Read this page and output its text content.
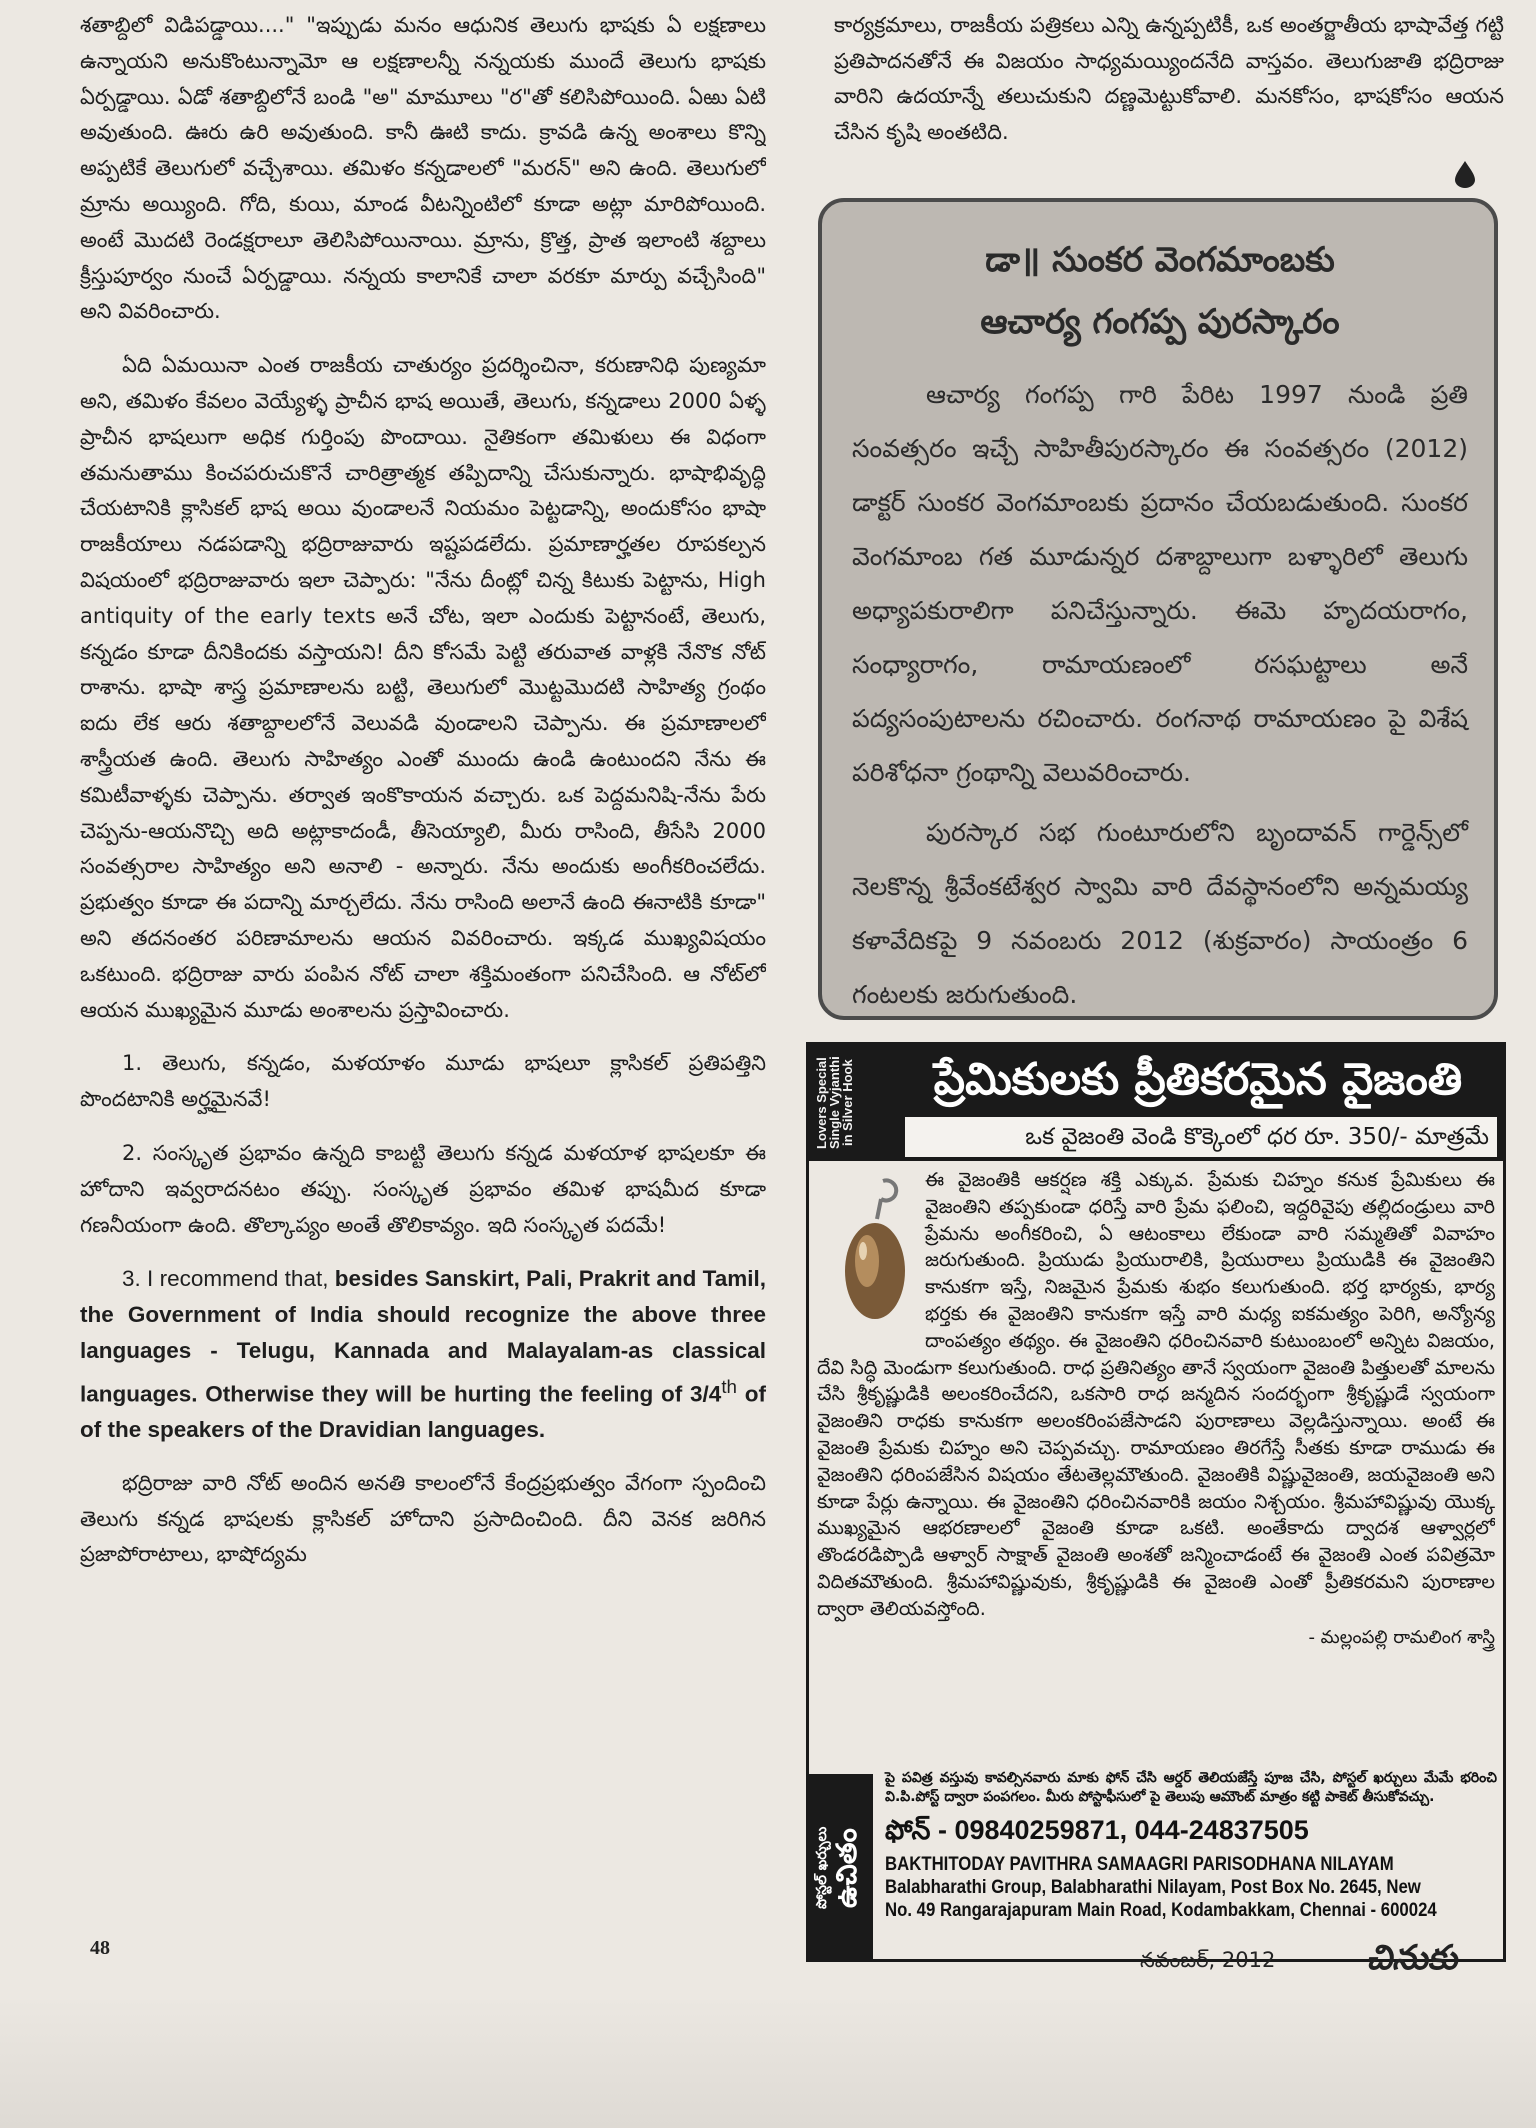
శతాబ్దిలో విడిపడ్డాయి...." "ఇప్పుడు మనం ఆధునిక తెలుగు భాషకు ఏ లక్షణాలు ఉన్నాయని అనుకొంటున్నామో ఆ లక్షణాలన్నీ నన్నయకు ముందే తెలుగు భాషకు ఏర్పడ్డాయి. ఏడో శతాబ్దిలోనే బండి "అ" మామూలు "ర"తో కలిసిపోయింది. ఏఱు ఏటి అవుతుంది. ఊరు ఉరి అవుతుంది. కానీ ఊటి కాదు. క్రావడి ఉన్న అంశాలు కొన్ని అప్పటికే తెలుగులో వచ్చేశాయి. తమిళం కన్నడాలలో "మరన్" అని ఉంది. తెలుగులో మ్రాను అయ్యింది. గోది, కుయి, మాండ వీటన్నింటిలో కూడా అట్లా మారిపోయింది. అంటే మొదటి రెండక్షరాలూ తెలిసిపోయినాయి. మ్రాను, క్రొత్త, ప్రాత ఇలాంటి శబ్దాలు క్రీస్తుపూర్వం నుంచే ఏర్పడ్డాయి. నన్నయ కాలానికే చాలా వరకూ మార్పు వచ్చేసింది" అని వివరించారు.

ఏది ఏమయినా ఎంత రాజకీయ చాతుర్యం ప్రదర్శించినా, కరుణానిధి పుణ్యమా అని, తమిళం కేవలం వెయ్యేళ్ళ ప్రాచీన భాష అయితే, తెలుగు, కన్నడాలు 2000 ఏళ్ళ ప్రాచీన భాషలుగా అధిక గుర్తింపు పొందాయి. నైతికంగా తమిళులు ఈ విధంగా తమనుతాము కించపరుచుకొనే చారిత్రాత్మక తప్పిదాన్ని చేసుకున్నారు. భాషాభివృద్ధి చేయటానికి క్లాసికల్ భాష అయి వుండాలనే నియమం పెట్టడాన్ని, అందుకోసం భాషా రాజకీయాలు నడపడాన్ని భద్రిరాజువారు ఇష్టపడలేదు. ప్రమాణార్హతల రూపకల్పన విషయంలో భద్రిరాజువారు ఇలా చెప్పారు: "నేను దీంట్లో చిన్న కిటుకు పెట్టాను, High antiquity of the early texts అనే చోట, ఇలా ఎందుకు పెట్టానంటే, తెలుగు, కన్నడం కూడా దీనికిందకు వస్తాయని! దీని కోసమే పెట్టి తరువాత వాళ్లకి నేనొక నోట్ రాశాను. భాషా శాస్త్ర ప్రమాణాలను బట్టి, తెలుగులో మొట్టమొదటి సాహిత్య గ్రంథం ఐదు లేక ఆరు శతాబ్దాలలోనే వెలువడి వుండాలని చెప్పాను. ఈ ప్రమాణాలలో శాస్త్రీయత ఉంది. తెలుగు సాహిత్యం ఎంతో ముందు ఉండి ఉంటుందని నేను ఈ కమిటీవాళ్ళకు చెప్పాను. తర్వాత ఇంకొకాయన వచ్చారు. ఒక పెద్దమనిషి-నేను పేరు చెప్పను-ఆయనొచ్చి అది అట్లాకాదండీ, తీసెయ్యాలి, మీరు రాసింది, తీసేసి 2000 సంవత్సరాల సాహిత్యం అని అనాలి - అన్నారు. నేను అందుకు అంగీకరించలేదు. ప్రభుత్వం కూడా ఈ పదాన్ని మార్చలేదు. నేను రాసింది అలానే ఉంది ఈనాటికి కూడా" అని తదనంతర పరిణామాలను ఆయన వివరించారు. ఇక్కడ ముఖ్యవిషయం ఒకటుంది. భద్రిరాజు వారు పంపిన నోట్ చాలా శక్తిమంతంగా పనిచేసింది. ఆ నోట్‌లో ఆయన ముఖ్యమైన మూడు అంశాలను ప్రస్తావించారు.

1. తెలుగు, కన్నడం, మళయాళం మూడు భాషలూ క్లాసికల్ ప్రతిపత్తిని పొందటానికి అర్హమైనవే!

2. సంస్కృత ప్రభావం ఉన్నది కాబట్టి తెలుగు కన్నడ మళయాళ భాషలకూ ఈ హోదాని ఇవ్వరాదనటం తప్పు. సంస్కృత ప్రభావం తమిళ భాషమీద కూడా గణనీయంగా ఉంది. తొల్కాప్యం అంతే తొలికావ్యం. ఇది సంస్కృత పదమే!

3. I recommend that, besides Sanskirt, Pali, Prakrit and Tamil, the Government of India should recognize the above three languages - Telugu, Kannada and Malayalam-as classical languages. Otherwise they will be hurting the feeling of 3/4th of of the speakers of the Dravidian languages.

భద్రిరాజు వారి నోట్ అందిన అనతి కాలంలోనే కేంద్రప్రభుత్వం వేగంగా స్పందించి తెలుగు కన్నడ భాషలకు క్లాసికల్ హోదాని ప్రసాదించింది. దీని వెనక జరిగిన ప్రజాపోరాటాలు, భాషోద్యమ

కార్యక్రమాలు, రాజకీయ పత్రికలు ఎన్ని ఉన్నప్పటికీ, ఒక అంతర్జాతీయ భాషావేత్త గట్టి ప్రతిపాదనతోనే ఈ విజయం సాధ్యమయ్యిందనేది వాస్తవం. తెలుగుజాతి భద్రిరాజు వారిని ఉదయాన్నే తలుచుకుని దణ్ణమెట్టుకోవాలి. మనకోసం, భాషకోసం ఆయన చేసిన కృషి అంతటిది.

డా॥ సుంకర వెంగమాంబకు
ఆచార్య గంగప్ప పురస్కారం

ఆచార్య గంగప్ప గారి పేరిట 1997 నుండి ప్రతి సంవత్సరం ఇచ్చే సాహితీపురస్కారం ఈ సంవత్సరం (2012) డాక్టర్ సుంకర వెంగమాంబకు ప్రదానం చేయబడుతుంది. సుంకర వెంగమాంబ గత మూడున్నర దశాబ్దాలుగా బళ్ళారిలో తెలుగు అధ్యాపకురాలిగా పనిచేస్తున్నారు. ఈమె హృదయరాగం, సంధ్యారాగం, రామాయణంలో రసఘట్టాలు అనే పద్యసంపుటాలను రచించారు. రంగనాథ రామాయణం పై విశేష పరిశోధనా గ్రంథాన్ని వెలువరించారు.

పురస్కార సభ గుంటూరులోని బృందావన్ గార్డెన్స్‌లో నెలకొన్న శ్రీవేంకటేశ్వర స్వామి వారి దేవస్థానంలోని అన్నమయ్య కళావేదికపై 9 నవంబరు 2012 (శుక్రవారం) సాయంత్రం 6 గంటలకు జరుగుతుంది.

Lovers Special Single Vyjanthi in Silver Hook	ప్రేమికులకు ప్రీతికరమైన వైజంతి
ఒక వైజంతి వెండి కొక్కెంలో ధర రూ. 350/- మాత్రమే
ఈ వైజంతికి ఆకర్షణ శక్తి ఎక్కువ. ప్రేమకు చిహ్నం కనుక ప్రేమికులు ఈ వైజంతిని తప్పకుండా ధరిస్తే వారి ప్రేమ ఫలించి, ఇద్దరివైపు తల్లిదండ్రులు వారి ప్రేమను అంగీకరించి, ఏ ఆటంకాలు లేకుండా వారి సమ్మతితో వివాహం జరుగుతుంది. ప్రియుడు ప్రియురాలికి, ప్రియురాలు ప్రియుడికి ఈ వైజంతిని కానుకగా ఇస్తే, నిజమైన ప్రేమకు శుభం కలుగుతుంది. భర్త భార్యకు, భార్య భర్తకు ఈ వైజంతిని కానుకగా ఇస్తే వారి మధ్య ఐకమత్యం పెరిగి, అన్యోన్య దాంపత్యం తథ్యం. ఈ వైజంతిని ధరించినవారి కుటుంబంలో అన్నిట విజయం, దేవి సిద్ధి మెండుగా కలుగుతుంది. రాధ ప్రతినిత్యం తానే స్వయంగా వైజంతి పిత్తులతో మాలను చేసి శ్రీకృష్ణుడికి అలంకరించేదని, ఒకసారి రాధ జన్మదిన సందర్భంగా శ్రీకృష్ణుడే స్వయంగా వైజంతిని రాధకు కానుకగా అలంకరింపజేసాడని పురాణాలు వెల్లడిస్తున్నాయి. అంటే ఈ వైజంతి ప్రేమకు చిహ్నం అని చెప్పవచ్చు. రామాయణం తిరగేస్తే సీతకు కూడా రాముడు ఈ వైజంతిని ధరింపజేసిన విషయం తేటతెల్లమౌతుంది. వైజంతికి విష్ణువైజంతి, జయవైజంతి అని కూడా పేర్లు ఉన్నాయి. ఈ వైజంతిని ధరించినవారికి జయం నిశ్చయం. శ్రీమహావిష్ణువు యొక్క ముఖ్యమైన ఆభరణాలలో వైజంతి కూడా ఒకటి. అంతేకాదు ద్వాదశ ఆళ్వార్లలో తొండరడిప్పొడి ఆళ్వార్ సాక్షాత్ వైజంతి అంశతో జన్మించాడంటే ఈ వైజంతి ఎంత పవిత్రమో విదితమౌతుంది. శ్రీమహావిష్ణువుకు, శ్రీకృష్ణుడికి ఈ వైజంతి ఎంతో ప్రీతికరమని పురాణాల ద్వారా తెలియవస్తోంది.
- మల్లంపల్లి రామలింగ శాస్త్రి
పోస్టల్ ఖర్చులు ఉచితం
పై పవిత్ర వస్తువు కావల్సినవారు మాకు ఫోన్ చేసి ఆర్డర్ తెలియజేస్తే పూజ చేసి, పోస్టల్ ఖర్చులు మేమే భరించి వి.పి.పోస్ట్ ద్వారా పంపగలం. మీరు పోస్టాఫీసులో పై తెలుపు ఆమౌంట్ మాత్రం కట్టి పాకెట్ తీసుకోవచ్చు.
ఫోన్ - 09840259871, 044-24837505
BAKTHITODAY PAVITHRA SAMAAGRI PARISODHANA NILAYAM
Balabharathi Group, Balabharathi Nilayam, Post Box No. 2645, New
No. 49 Rangarajapuram Main Road, Kodambakkam, Chennai - 600024
48	నవంబర్, 2012	చినుకు
